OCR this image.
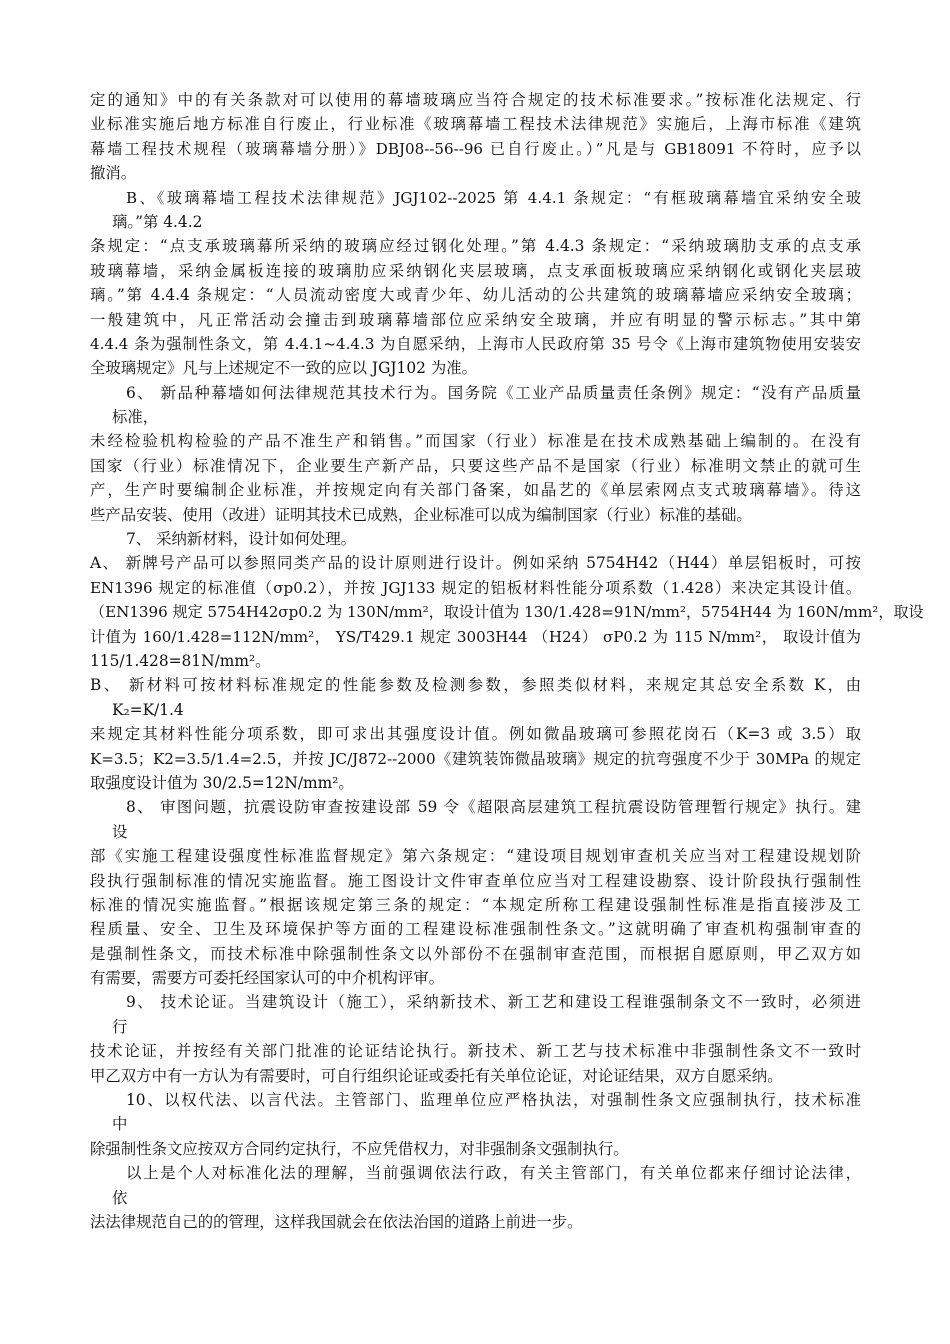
定的通知》中的有关条款对可以使用的幕墙玻璃应当符合规定的技术标准要求。”按标准化法规定、行
业标准实施后地方标准自行废止，行业标准《玻璃幕墙工程技术法律规范》实施后，上海市标准《建筑
幕墙工程技术规程（玻璃幕墙分册）》DBJ08--56--96 已自行废止。）”凡是与 GB18091 不符时，应予以
撤消。
B、《玻璃幕墙工程技术法律规范》JGJ102--2025 第 4.4.1 条规定：“有框玻璃幕墙宜采纳安全玻
璃。”第 4.4.2
条规定：“点支承玻璃幕所采纳的玻璃应经过钢化处理。”第 4.4.3 条规定：“采纳玻璃肋支承的点支承
玻璃幕墙，采纳金属板连接的玻璃肋应采纳钢化夹层玻璃，点支承面板玻璃应采纳钢化或钢化夹层玻
璃。”第 4.4.4 条规定：“人员流动密度大或青少年、幼儿活动的公共建筑的玻璃幕墙应采纳安全玻璃；
一般建筑中，凡正常活动会撞击到玻璃幕墙部位应采纳安全玻璃，并应有明显的警示标志。”其中第
4.4.4 条为强制性条文，第 4.4.1~4.4.3 为自愿采纳，上海市人民政府第 35 号令《上海市建筑物使用安装安
全玻璃规定》凡与上述规定不一致的应以 JGJ102 为准。
6、 新品种幕墙如何法律规范其技术行为。国务院《工业产品质量责任条例》规定：“没有产品质量
标准，
未经检验机构检验的产品不准生产和销售。”而国家（行业）标准是在技术成熟基础上编制的。在没有
国家（行业）标准情况下，企业要生产新产品，只要这些产品不是国家（行业）标准明文禁止的就可生
产，生产时要编制企业标准，并按规定向有关部门备案，如晶艺的《单层索网点支式玻璃幕墙》。待这
些产品安装、使用（改进）证明其技术已成熟，企业标准可以成为编制国家（行业）标准的基础。
7、 采纳新材料，设计如何处理。
A、 新牌号产品可以参照同类产品的设计原则进行设计。例如采纳 5754H42（H44）单层铝板时，可按
EN1396 规定的标准值（σp0.2），并按 JGJ133 规定的铝板材料性能分项系数（1.428）来决定其设计值。
（EN1396 规定 5754H42σp0.2 为 130N/mm²，取设计值为 130/1.428=91N/mm²，5754H44 为 160N/mm²，取设
计值为 160/1.428=112N/mm²， YS/T429.1 规定 3003H44 （H24） σP0.2 为 115 N/mm²， 取设计值为
115/1.428=81N/mm²。
B、 新材料可按材料标准规定的性能参数及检测参数，参照类似材料，来规定其总安全系数 K，由
K₂=K/1.4
来规定其材料性能分项系数，即可求出其强度设计值。例如微晶玻璃可参照花岗石（K=3 或 3.5）取
K=3.5；K2=3.5/1.4=2.5，并按 JC/J872--2000《建筑装饰微晶玻璃》规定的抗弯强度不少于 30MPa 的规定
取强度设计值为 30/2.5=12N/mm²。
8、 审图问题，抗震设防审查按建设部 59 令《超限高层建筑工程抗震设防管理暂行规定》执行。建
设
部《实施工程建设强度性标准监督规定》第六条规定：“建设项目规划审查机关应当对工程建设规划阶
段执行强制标准的情况实施监督。施工图设计文件审查单位应当对工程建设勘察、设计阶段执行强制性
标准的情况实施监督。”根据该规定第三条的规定：“本规定所称工程建设强制性标准是指直接涉及工
程质量、安全、卫生及环境保护等方面的工程建设标准强制性条文。”这就明确了审查机构强制审查的
是强制性条文，而技术标准中除强制性条文以外部份不在强制审查范围，而根据自愿原则，甲乙双方如
有需要，需要方可委托经国家认可的中介机构评审。
9、 技术论证。当建筑设计（施工），采纳新技术、新工艺和建设工程谁强制条文不一致时，必须进
行
技术论证，并按经有关部门批准的论证结论执行。新技术、新工艺与技术标准中非强制性条文不一致时
甲乙双方中有一方认为有需要时，可自行组织论证或委托有关单位论证，对论证结果，双方自愿采纳。
10、以权代法、以言代法。主管部门、监理单位应严格执法，对强制性条文应强制执行，技术标准
中
除强制性条文应按双方合同约定执行，不应凭借权力，对非强制条文强制执行。
以上是个人对标准化法的理解，当前强调依法行政，有关主管部门，有关单位都来仔细讨论法律，
依
法法律规范自己的的管理，这样我国就会在依法治国的道路上前进一步。
